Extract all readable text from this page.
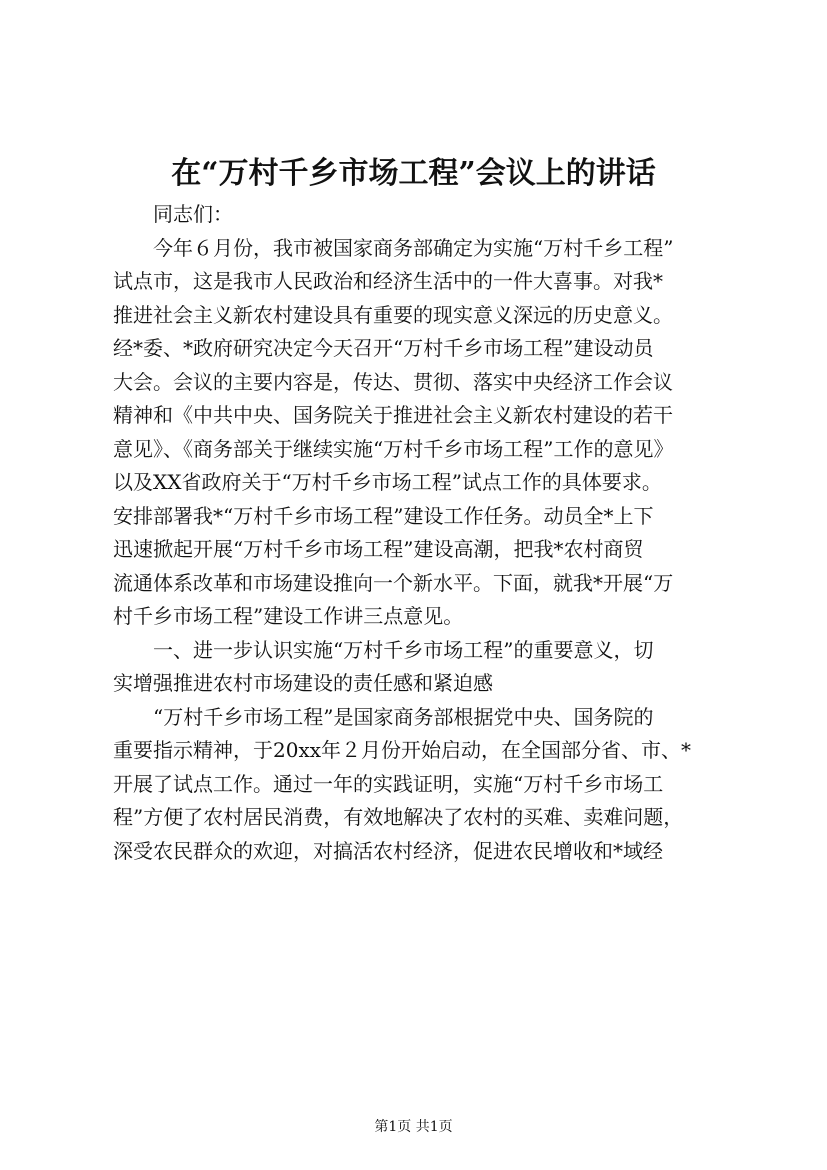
在“万村千乡市场工程”会议上的讲话
同志们：
今年６月份，我市被国家商务部确定为实施“万村千乡工程”
试点市，这是我市人民政治和经济生活中的一件大喜事。对我*
推进社会主义新农村建设具有重要的现实意义深远的历史意义。
经*委、*政府研究决定今天召开“万村千乡市场工程”建设动员
大会。会议的主要内容是，传达、贯彻、落实中央经济工作会议
精神和《中共中央、国务院关于推进社会主义新农村建设的若干
意见》、《商务部关于继续实施“万村千乡市场工程”工作的意见》
以及XX省政府关于“万村千乡市场工程”试点工作的具体要求。
安排部署我*“万村千乡市场工程”建设工作任务。动员全*上下
迅速掀起开展“万村千乡市场工程”建设高潮，把我*农村商贸
流通体系改革和市场建设推向一个新水平。下面，就我*开展“万
村千乡市场工程”建设工作讲三点意见。
一、进一步认识实施“万村千乡市场工程”的重要意义，切
实增强推进农村市场建设的责任感和紧迫感
“万村千乡市场工程”是国家商务部根据党中央、国务院的
重要指示精神，于20xx年２月份开始启动，在全国部分省、市、*
开展了试点工作。通过一年的实践证明，实施“万村千乡市场工
程”方便了农村居民消费，有效地解决了农村的买难、卖难问题，
深受农民群众的欢迎，对搞活农村经济，促进农民增收和*域经
第1页 共1页
